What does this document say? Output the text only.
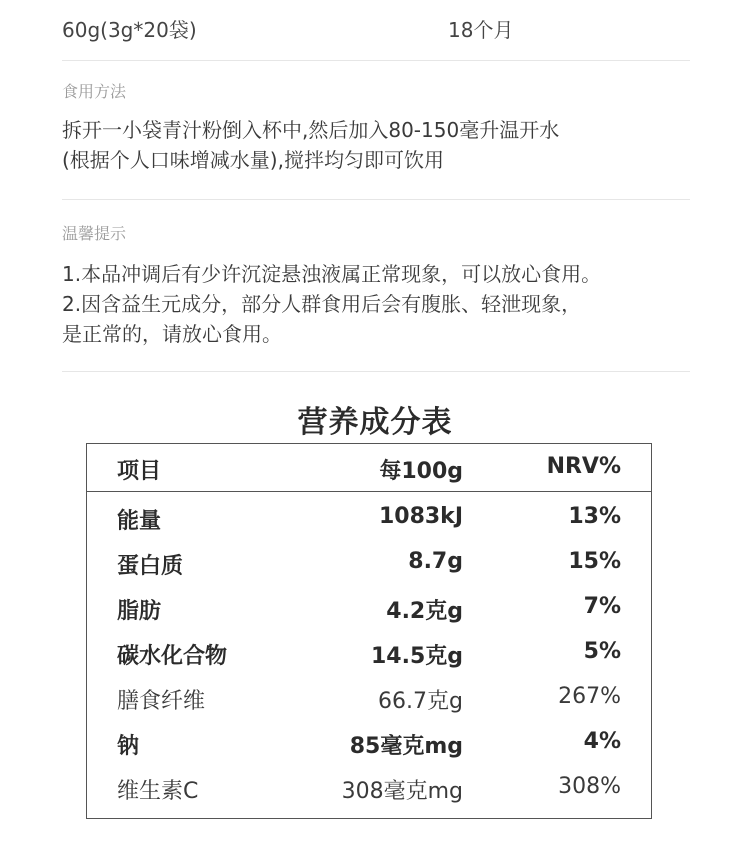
60g(3g*20袋)	18个月
食用方法

拆开一小袋青汁粉倒入杯中,然后加入80-150毫升温开水

(根据个人口味增减水量),搅拌均匀即可饮用

温馨提示

1.本品冲调后有少许沉淀悬浊液属正常现象，可以放心食用。

2.因含益生元成分，部分人群食用后会有腹胀、轻泄现象，

是正常的，请放心食用。

营养成分表
项目	每100g	NRV%
能量	1083kJ	13%
蛋白质	8.7g	15%
脂肪	4.2克g	7%
碳水化合物	14.5克g	5%
膳食纤维	66.7克g	267%
钠	85毫克mg	4%
维生素C	308毫克mg	308%
